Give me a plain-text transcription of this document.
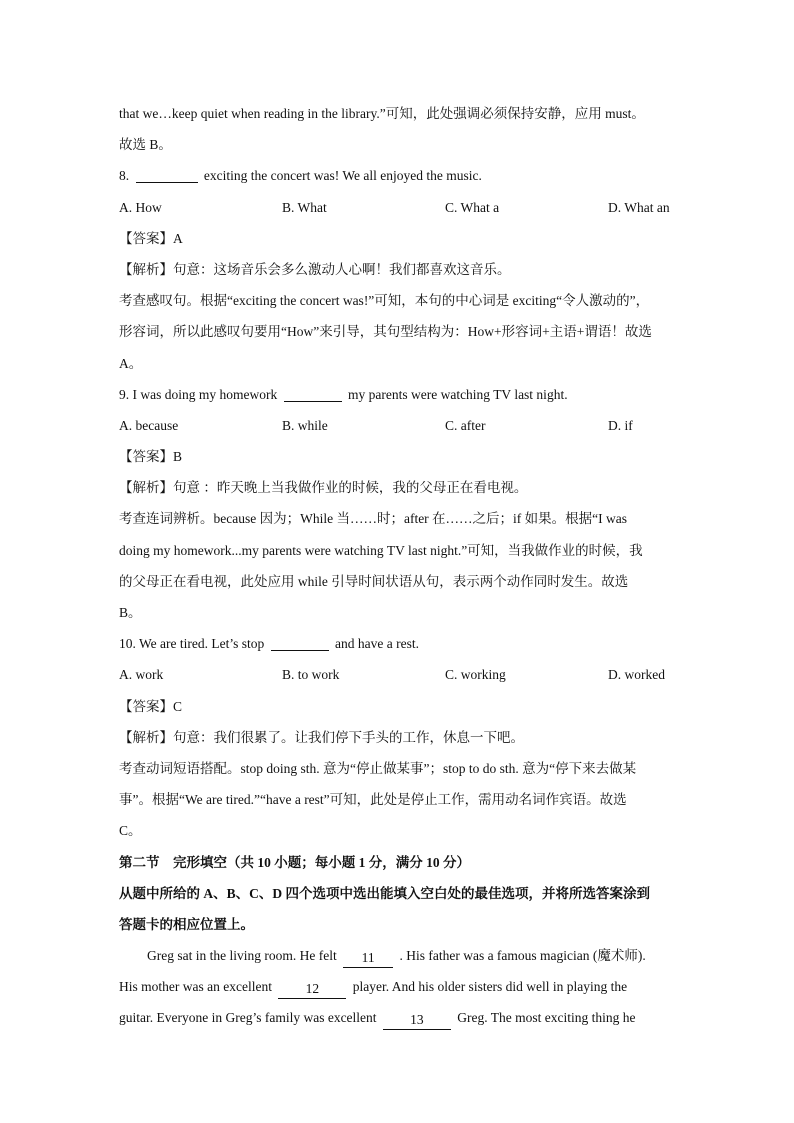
that we…keep quiet when reading in the library.”可知，此处强调必须保持安静，应用 must。
故选 B。
8.	exciting the concert was! We all enjoyed the music.
A. How	B. What	C. What a	D. What an
【答案】A
【解析】句意：这场音乐会多么激动人心啊！我们都喜欢这音乐。
考查感叹句。根据“exciting the concert was!”可知，本句的中心词是 exciting“令人激动的”，
形容词，所以此感叹句要用“How”来引导，其句型结构为：How+形容词+主语+谓语！故选
A。
9. I was doing my homework	my parents were watching TV last night.
A. because	B. while	C. after	D. if
【答案】B
【解析】句意 ：昨天晚上当我做作业的时候，我的父母正在看电视。
考查连词辨析。because 因为；While 当……时；after 在……之后；if 如果。根据“I was
doing my homework...my parents were watching TV last night.”可知，当我做作业的时候，我
的父母正在看电视，此处应用 while 引导时间状语从句，表示两个动作同时发生。故选
B。
10. We are tired. Let’s stop	and have a rest.
A. work	B. to work	C. working	D. worked
【答案】C
【解析】句意：我们很累了。让我们停下手头的工作，休息一下吧。
考查动词短语搭配。stop doing sth. 意为“停止做某事”；stop to do sth. 意为“停下来去做某
事”。根据“We are tired.”“have a rest”可知，此处是停止工作，需用动名词作宾语。故选
C。
第二节　完形填空（共 10 小题；每小题 1 分，满分 10 分）
从题中所给的 A、B、C、D 四个选项中选出能填入空白处的最佳选项，并将所选答案涂到
答题卡的相应位置上。
Greg sat in the living room. He felt 11 . His father was a famous magician (魔术师).
His mother was an excellent 12 player. And his older sisters did well in playing the
guitar. Everyone in Greg’s family was excellent 13 Greg. The most exciting thing he
